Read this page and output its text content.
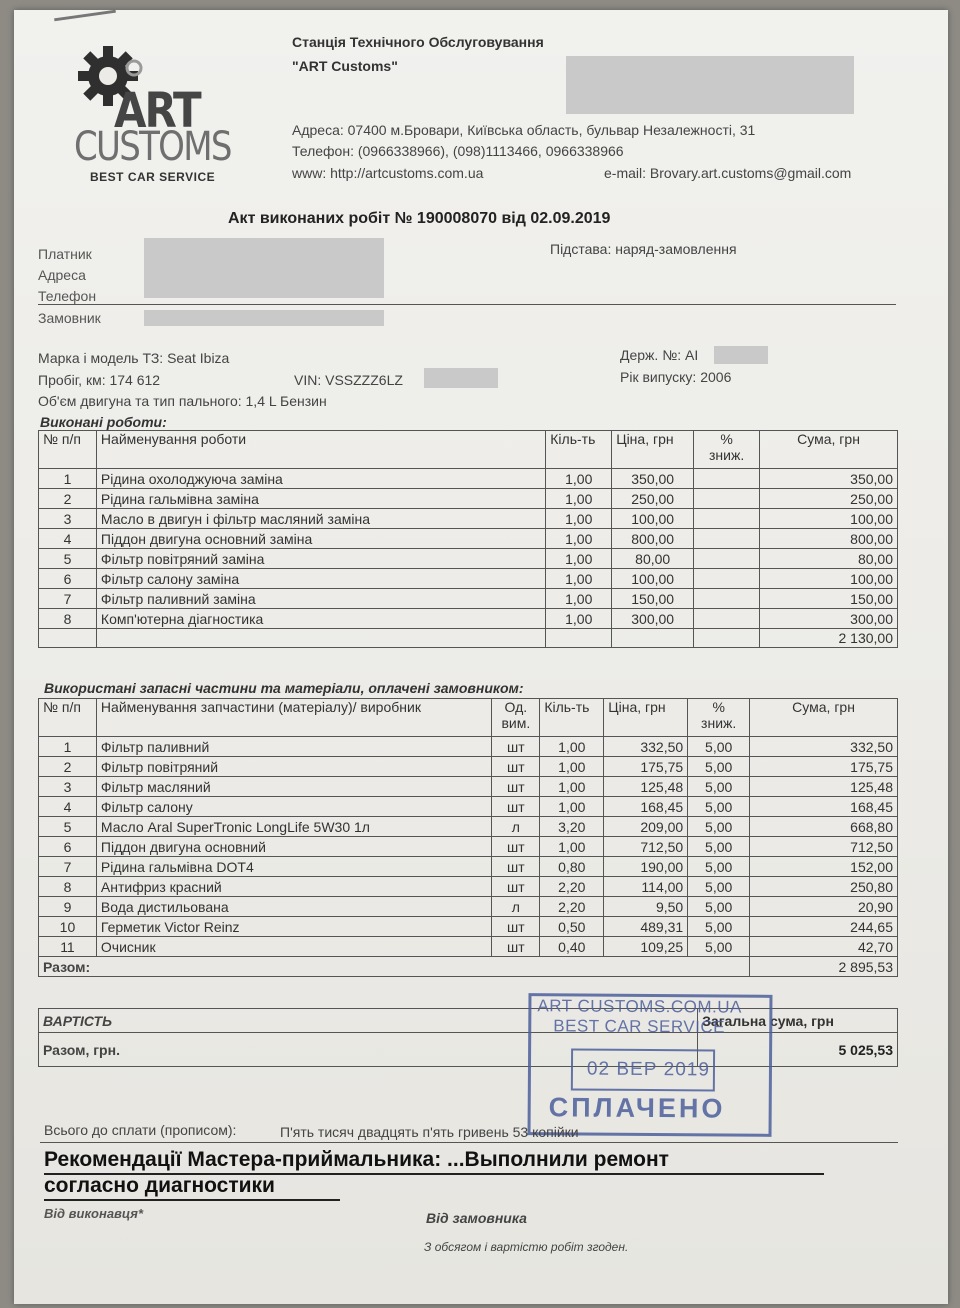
ART
CUSTOMS
BEST CAR SERVICE
Станція Технічного Обслуговування
"ART Customs"
Адреса: 07400 м.Бровари, Київська область, бульвар Незалежності, 31
Телефон: (0966338966), (098)1113466, 0966338966
www: http://artcustoms.com.ua	e-mail: Brovary.art.customs@gmail.com
Акт виконаних робіт № 190008070 від 02.09.2019
Підстава: наряд-замовлення
Платник
Адреса
Телефон
Замовник
Марка і модель ТЗ: Seat Ibiza
Пробіг, км: 174 612	VIN: VSSZZZ6LZ
Об'єм двигуна та тип пального: 1,4 L Бензин
Держ. №: AI
Рік випуску: 2006
Виконані роботи:
№ п/п	Найменування роботи	Кіль-ть	Ціна, грн	%
зниж.	Сума, грн
1	Рідина охолоджуюча заміна	1,00	350,00		350,00
2	Рідина гальмівна заміна	1,00	250,00		250,00
3	Масло в двигун і фільтр масляний заміна	1,00	100,00		100,00
4	Піддон двигуна основний заміна	1,00	800,00		800,00
5	Фільтр повітряний заміна	1,00	80,00		80,00
6	Фільтр салону заміна	1,00	100,00		100,00
7	Фільтр паливний заміна	1,00	150,00		150,00
8	Комп'ютерна діагностика	1,00	300,00		300,00
					2 130,00
Використані запасні частини та матеріали, оплачені замовником:
№ п/п	Найменування запчастини (матеріалу)/ виробник	Од.
вим.	Кіль-ть	Ціна, грн	%
зниж.	Сума, грн
1	Фільтр паливний	шт	1,00	332,50	5,00	332,50
2	Фільтр повітряний	шт	1,00	175,75	5,00	175,75
3	Фільтр масляний	шт	1,00	125,48	5,00	125,48
4	Фільтр салону	шт	1,00	168,45	5,00	168,45
5	Масло Aral SuperTronic LongLife 5W30 1л	л	3,20	209,00	5,00	668,80
6	Піддон двигуна основний	шт	1,00	712,50	5,00	712,50
7	Рідина гальмівна DOT4	шт	0,80	190,00	5,00	152,00
8	Антифриз красний	шт	2,20	114,00	5,00	250,80
9	Вода дистильована	л	2,20	9,50	5,00	20,90
10	Герметик Victor Reinz	шт	0,50	489,31	5,00	244,65
11	Очисник	шт	0,40	109,25	5,00	42,70
Разом:						2 895,53
ВАРТІСТЬ	Загальна сума, грн
Разом, грн.	5 025,53
ART CUSTOMS.COM.UA
BEST CAR SERVICE
02 ВЕР 2019
СПЛАЧЕНО
Всього до сплати (прописом):	П'ять тисяч двадцять п'ять гривень 53 копійки
Рекомендації Мастера-приймальника: ...Выполнили ремонт
согласно диагностики
Від виконавця*	Від замовника
З обсягом і вартістю робіт згоден.
